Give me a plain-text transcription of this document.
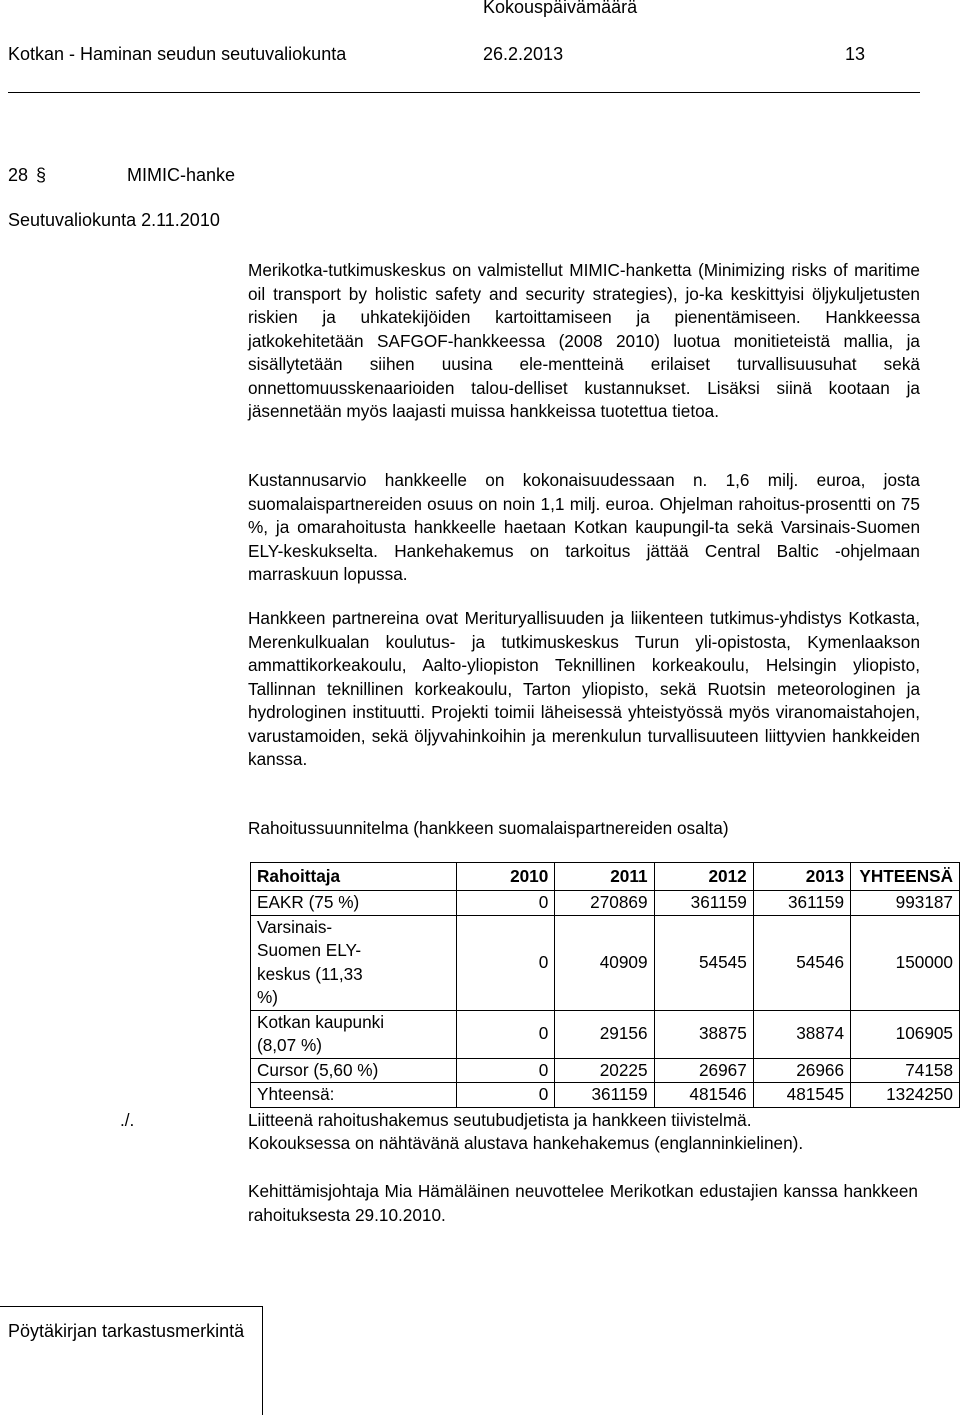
Kokouspäivämäärä
Kotkan - Haminan seudun seutuvaliokunta	26.2.2013	13
28 §	MIMIC-hanke
Seutuvaliokunta 2.11.2010

Merikotka-tutkimuskeskus on valmistellut MIMIC-hanketta (Minimizing risks of maritime oil transport by holistic safety and security strategies), jo-ka keskittyisi öljykuljetusten riskien ja uhkatekijöiden kartoittamiseen ja pienentämiseen. Hankkeessa jatkokehitetään SAFGOF-hankkeessa (2008 2010) luotua monitieteistä mallia, ja sisällytetään siihen uusina ele-mentteinä erilaiset turvallisuusuhat sekä onnettomuusskenaarioiden talou-delliset kustannukset. Lisäksi siinä kootaan ja jäsennetään myös laajasti muissa hankkeissa tuotettua tietoa.

Kustannusarvio hankkeelle on kokonaisuudessaan n. 1,6 milj. euroa, josta suomalaispartnereiden osuus on noin 1,1 milj. euroa. Ohjelman rahoitus-prosentti on 75 %, ja omarahoitusta hankkeelle haetaan Kotkan kaupungil-ta sekä Varsinais-Suomen ELY-keskukselta. Hankehakemus on tarkoitus jättää Central Baltic -ohjelmaan marraskuun lopussa.

Hankkeen partnereina ovat Merituryallisuuden ja liikenteen tutkimus-yhdistys Kotkasta, Merenkulkualan koulutus- ja tutkimuskeskus Turun yli-opistosta, Kymenlaakson ammattikorkeakoulu, Aalto-yliopiston Teknillinen korkeakoulu, Helsingin yliopisto, Tallinnan teknillinen korkeakoulu, Tarton yliopisto, sekä Ruotsin meteorologinen ja hydrologinen instituutti. Projekti toimii läheisessä yhteistyössä myös viranomaistahojen, varustamoiden, sekä öljyvahinkoihin ja merenkulun turvallisuuteen liittyvien hankkeiden kanssa.

Rahoitussuunnitelma (hankkeen suomalaispartnereiden osalta)
Rahoittaja	2010	2011	2012	2013	YHTEENSÄ
EAKR (75 %)	0	270869	361159	361159	993187
Varsinais-Suomen ELY-keskus (11,33 %)	0	40909	54545	54546	150000
Kotkan kaupunki (8,07 %)	0	29156	38875	38874	106905
Cursor (5,60 %)	0	20225	26967	26966	74158
Yhteensä:	0	361159	481546	481545	1324250
./.	Liitteenä rahoitushakemus seutubudjetista ja hankkeen tiivistelmä.
Kokouksessa on nähtävänä alustava hankehakemus (englanninkielinen).

Kehittämisjohtaja Mia Hämäläinen neuvottelee Merikotkan edustajien kanssa hankkeen rahoituksesta 29.10.2010.

Pöytäkirjan tarkastusmerkintä
